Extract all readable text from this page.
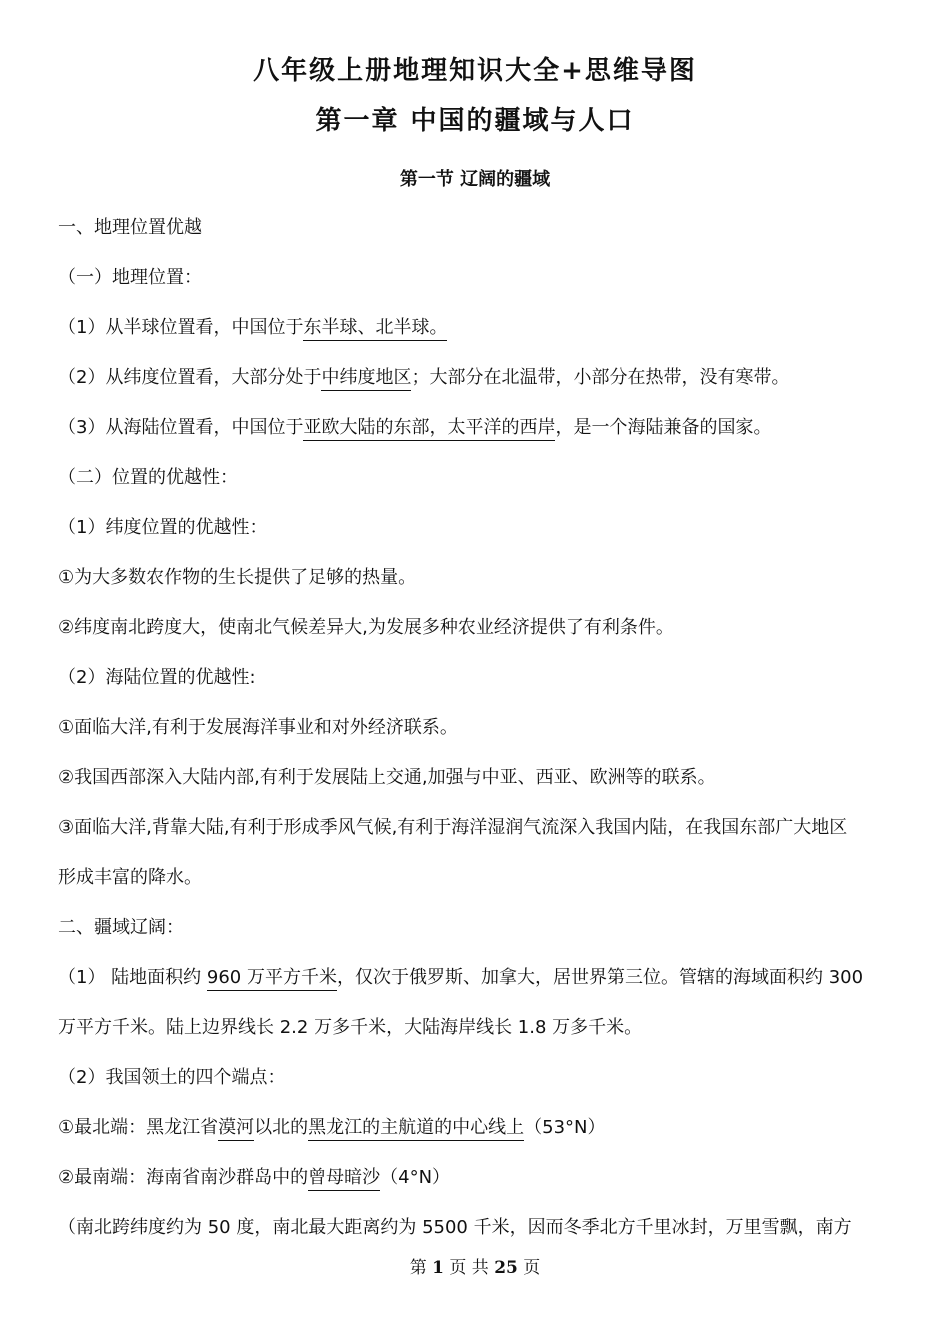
八年级上册地理知识大全+思维导图
第一章 中国的疆域与人口
第一节 辽阔的疆域
一、地理位置优越
（一）地理位置：
（1）从半球位置看，中国位于东半球、北半球。
（2）从纬度位置看，大部分处于中纬度地区；大部分在北温带，小部分在热带，没有寒带。
（3）从海陆位置看，中国位于亚欧大陆的东部，太平洋的西岸，是一个海陆兼备的国家。
（二）位置的优越性：
（1）纬度位置的优越性：
①为大多数农作物的生长提供了足够的热量。
②纬度南北跨度大，使南北气候差异大,为发展多种农业经济提供了有利条件。
（2）海陆位置的优越性:
①面临大洋,有利于发展海洋事业和对外经济联系。
②我国西部深入大陆内部,有利于发展陆上交通,加强与中亚、西亚、欧洲等的联系。
③面临大洋,背靠大陆,有利于形成季风气候,有利于海洋湿润气流深入我国内陆，在我国东部广大地区
形成丰富的降水。
二、疆域辽阔：
（1） 陆地面积约 960 万平方千米，仅次于俄罗斯、加拿大，居世界第三位。管辖的海域面积约 300
万平方千米。陆上边界线长 2.2 万多千米，大陆海岸线长 1.8 万多千米。
（2）我国领土的四个端点：
①最北端：黑龙江省漠河以北的黑龙江的主航道的中心线上（53°N）
②最南端：海南省南沙群岛中的曾母暗沙（4°N）
（南北跨纬度约为 50 度，南北最大距离约为 5500 千米，因而冬季北方千里冰封，万里雪飘，南方
第 1 页 共 25 页
